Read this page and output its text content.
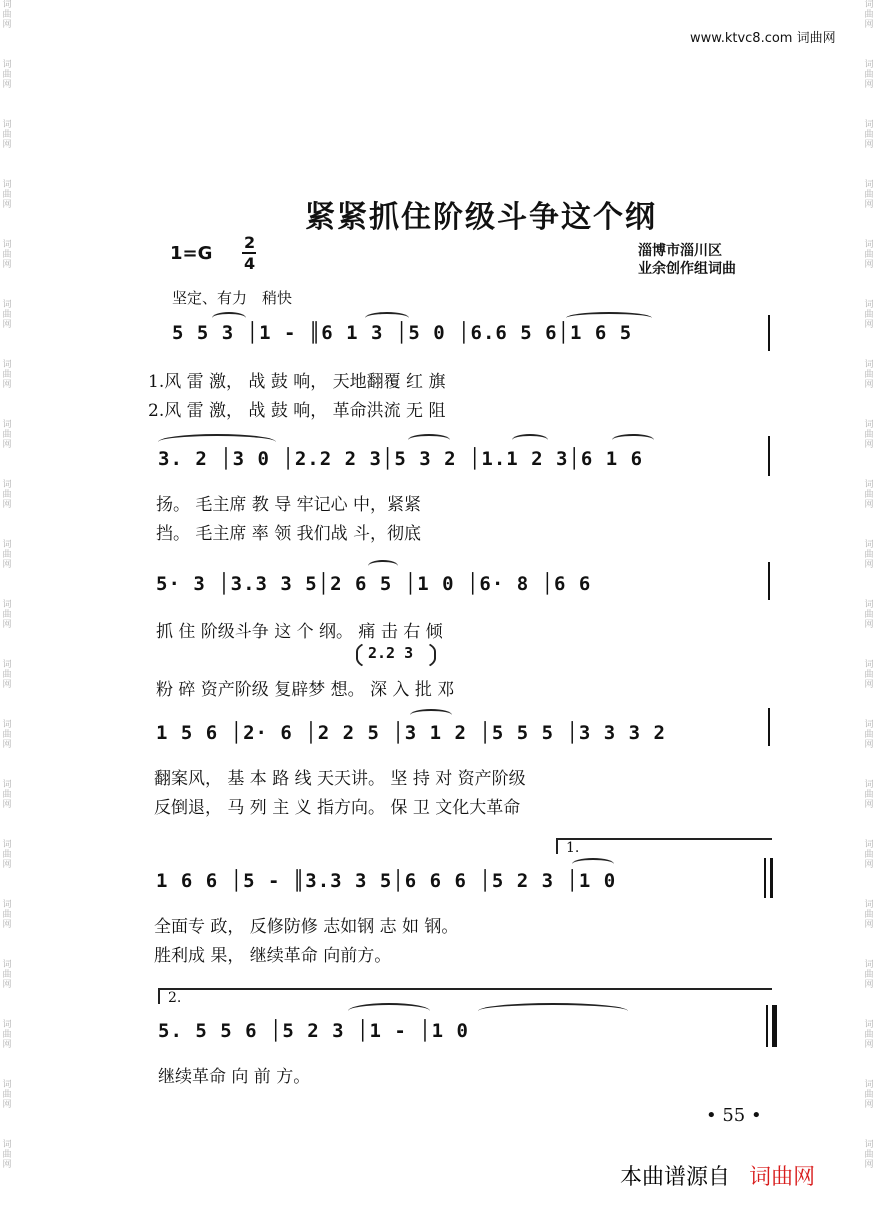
词
曲
网
词
曲
网
词
曲
网
词
曲
网
词
曲
网
词
曲
网
词
曲
网
词
曲
网
词
曲
网
词
曲
网
词
曲
网
词
曲
网
词
曲
网
词
曲
网
词
曲
网
词
曲
网
词
曲
网
词
曲
网
词
曲
网
词
曲
网
词
曲
网
词
曲
网
词
曲
网
词
曲
网
词
曲
网
词
曲
网
词
曲
网
词
曲
网
词
曲
网
词
曲
网
词
曲
网
词
曲
网
词
曲
网
词
曲
网
词
曲
网
词
曲
网
词
曲
网
词
曲
网
词
曲
网
词
曲
网
www.ktvc8.com 词曲网
紧紧抓住阶级斗争这个纲
1=G
2
4
淄博市淄川区
业余创作组词曲
坚定、有力　稍快
5 5 3 │1 - ║6 1 3 │5 0 │6.6 5 6│1 6 5
1.风 雷 激， 战 鼓 响， 天地翻覆 红 旗
2.风 雷 激， 战 鼓 响， 革命洪流 无 阻
3. 2 │3 0 │2.2 2 3│5 3 2 │1.1 2 3│6 1 6
扬。 毛主席 教 导 牢记心 中，紧紧
挡。 毛主席 率 领 我们战 斗，彻底
5· 3 │3.3 3 5│2 6 5 │1 0 │6· 8 │6 6
抓 住 阶级斗争 这 个 纲。 痛 击 右 倾
2.2 3
粉 碎 资产阶级 复辟梦 想。 深 入 批 邓
1 5 6 │2· 6 │2 2 5 │3 1 2 │5 5 5 │3 3 3 2
翻案风， 基 本 路 线 天天讲。 坚 持 对 资产阶级
反倒退， 马 列 主 义 指方向。 保 卫 文化大革命
1.
1 6 6 │5 - ║3.3 3 5│6 6 6 │5 2 3 │1 0
全面专 政， 反修防修 志如钢 志 如 钢。
胜利成 果， 继续革命 向前方。
2.
5. 5 5 6 │5 2 3 │1 - │1 0
继续革命 向 前 方。
• 55 •
本曲谱源自 词曲网
